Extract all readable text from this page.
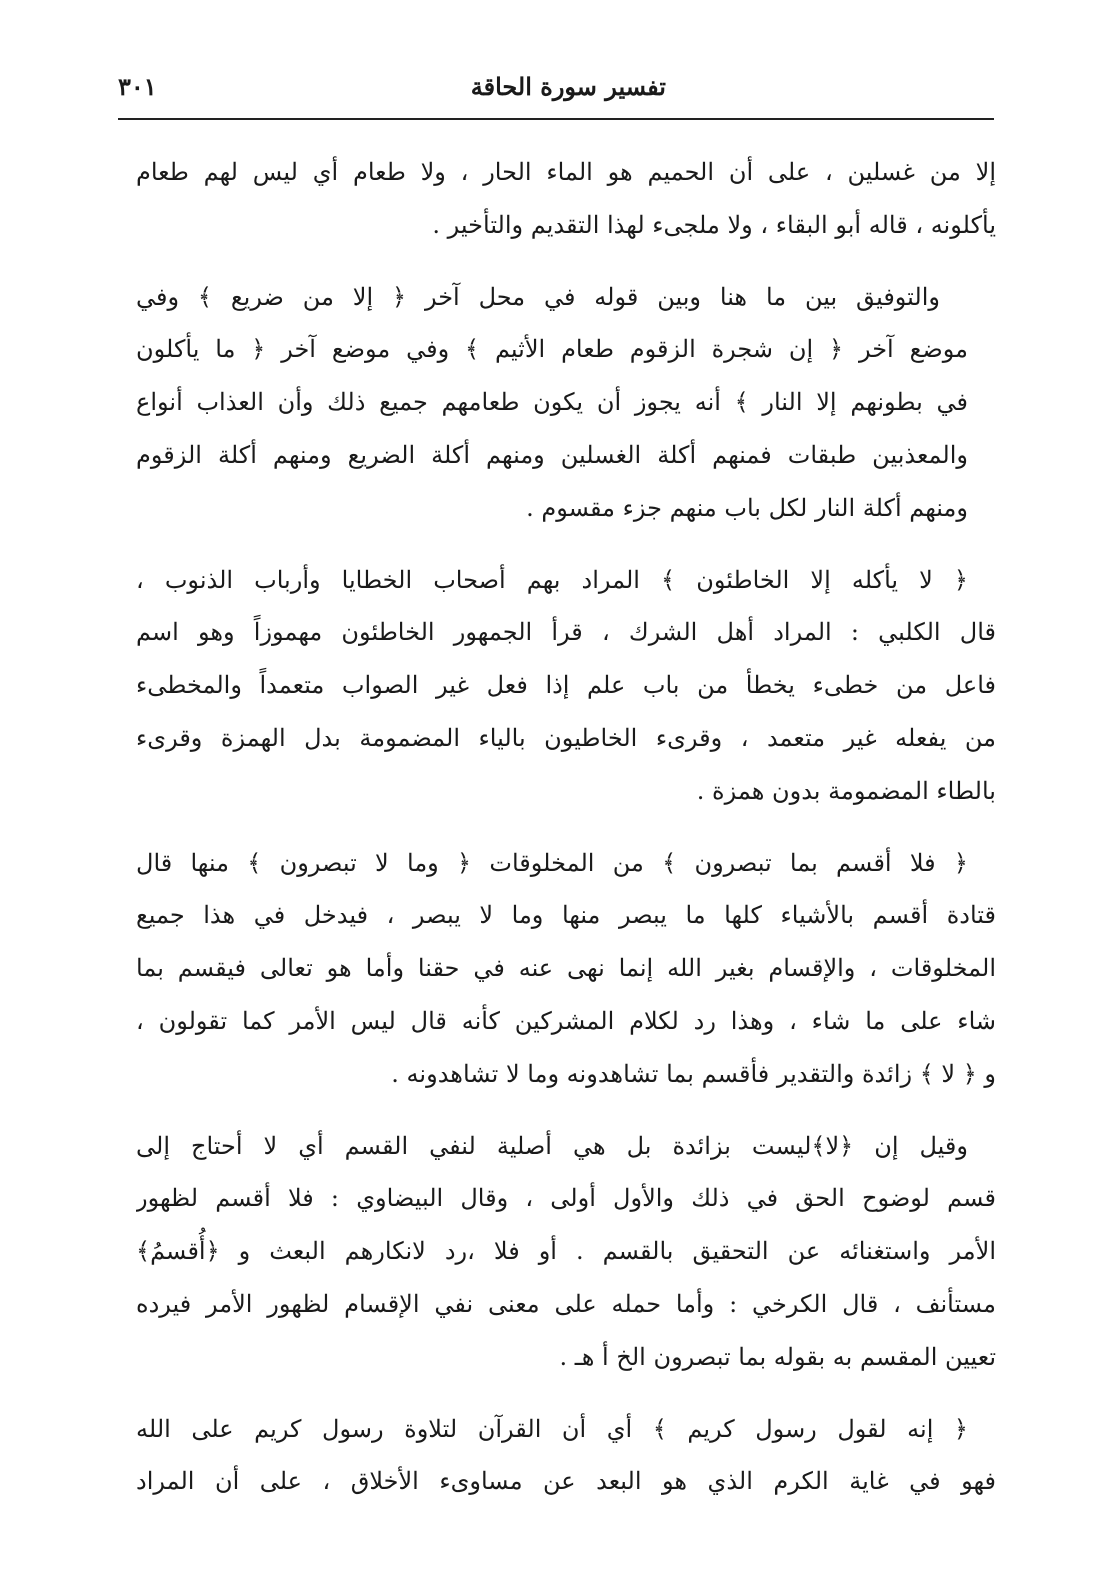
تفسير سورة الحاقة
٣٠١
إلا من غسلين ، على أن الحميم هو الماء الحار ، ولا طعام أي ليس لهم طعام
يأكلونه ، قاله أبو البقاء ، ولا ملجىء لهذا التقديم والتأخير .
والتوفيق بين ما هنا وبين قوله في محل آخر ﴿ إلا من ضريع ﴾ وفي
موضع آخر ﴿ إن شجرة الزقوم طعام الأثيم ﴾ وفي موضع آخر ﴿ ما يأكلون
في بطونهم إلا النار ﴾ أنه يجوز أن يكون طعامهم جميع ذلك وأن العذاب أنواع
والمعذبين طبقات فمنهم أكلة الغسلين ومنهم أكلة الضريع ومنهم أكلة الزقوم
ومنهم أكلة النار لكل باب منهم جزء مقسوم .
﴿ لا يأكله إلا الخاطئون ﴾ المراد بهم أصحاب الخطايا وأرباب الذنوب ،
قال الكلبي : المراد أهل الشرك ، قرأ الجمهور الخاطئون مهموزاً وهو اسم
فاعل من خطىء يخطأ من باب علم إذا فعل غير الصواب متعمداً والمخطىء
من يفعله غير متعمد ، وقرىء الخاطيون بالياء المضمومة بدل الهمزة وقرىء
بالطاء المضمومة بدون همزة .
﴿ فلا أقسم بما تبصرون ﴾ من المخلوقات ﴿ وما لا تبصرون ﴾ منها قال
قتادة أقسم بالأشياء كلها ما يبصر منها وما لا يبصر ، فيدخل في هذا جميع
المخلوقات ، والإقسام بغير الله إنما نهى عنه في حقنا وأما هو تعالى فيقسم بما
شاء على ما شاء ، وهذا رد لكلام المشركين كأنه قال ليس الأمر كما تقولون ،
و ﴿ لا ﴾ زائدة والتقدير فأقسم بما تشاهدونه وما لا تشاهدونه .
وقيل إن ﴿لا﴾ليست بزائدة بل هي أصلية لنفي القسم أي لا أحتاج إلى
قسم لوضوح الحق في ذلك والأول أولى ، وقال البيضاوي : فلا أقسم لظهور
الأمر واستغنائه عن التحقيق بالقسم . أو فلا ،رد لانكارهم البعث و ﴿أُقسمُ﴾
مستأنف ، قال الكرخي : وأما حمله على معنى نفي الإقسام لظهور الأمر فيرده
تعيين المقسم به بقوله بما تبصرون الخ أ هـ .
﴿ إنه لقول رسول كريم ﴾ أي أن القرآن لتلاوة رسول كريم على الله
فهو في غاية الكرم الذي هو البعد عن مساوىء الأخلاق ، على أن المراد
